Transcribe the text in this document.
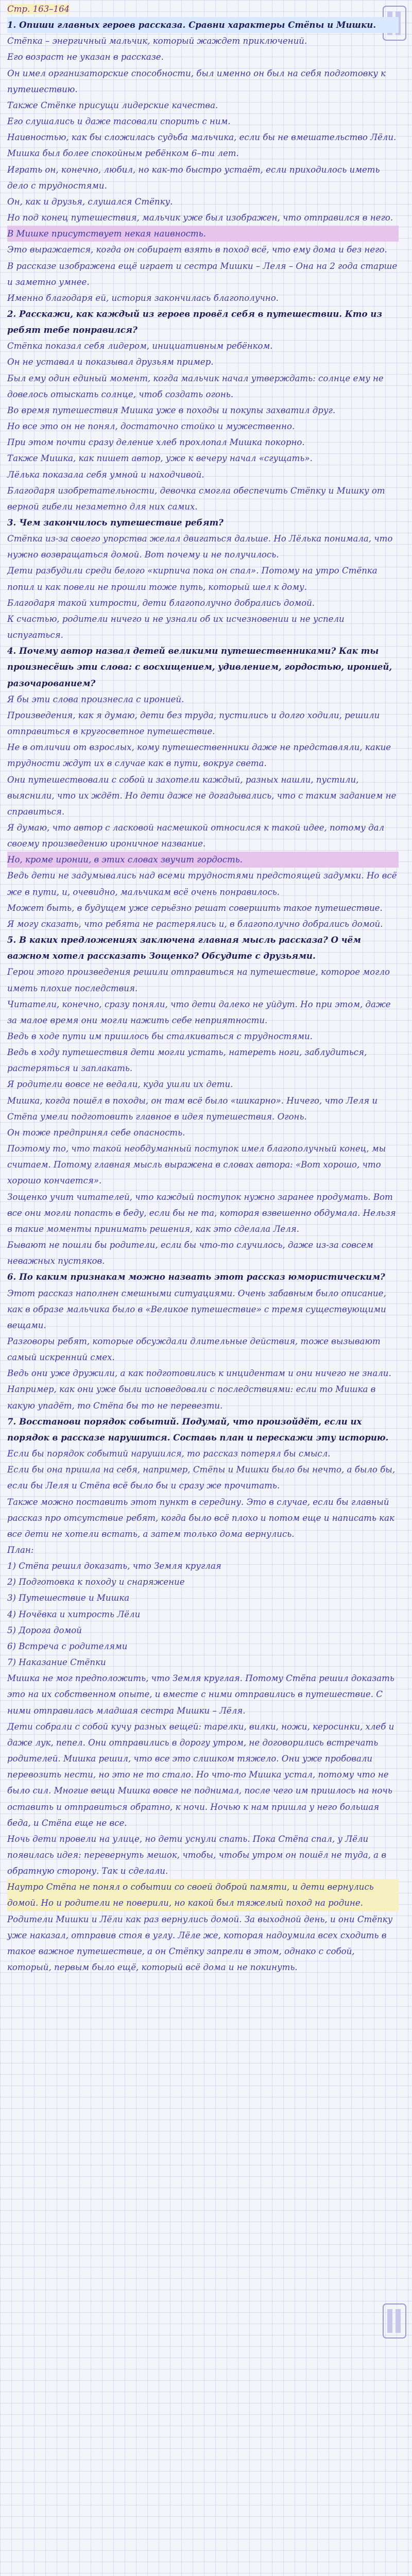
Стр. 163–164

1. Опиши главных героев рассказа. Сравни характеры Стёпы и Мишки.

Стёпка – энергичный мальчик, который жаждет приключений.

Его возраст не указан в рассказе.

Он имел организаторские способности, был именно он был на себя подготовку к путешествию.

Также Стёпке присущи лидерские качества.

Его слушались и даже тасовали спорить с ним.

Наивностью, как бы сложилась судьба мальчика, если бы не вмешательство Лёли.

Мишка был более спокойным ребёнком 6–ти лет.

Играть он, конечно, любил, но как-то быстро устаёт, если приходилось иметь дело с трудностями.

Он, как и друзья, слушался Стёпку.

Но под конец путешествия, мальчик уже был изображен, что отправился в него.

В Мишке присутствует некая наивность.

Это выражается, когда он собирает взять в поход всё, что ему дома и без него.

В рассказе изображена ещё играет и сестра Мишки – Леля – Она на 2 года старше и заметно умнее.

Именно благодаря ей, история закончилась благополучно.

2. Расскажи, как каждый из героев провёл себя в путешествии. Кто из ребят тебе понравился?

Стёпка показал себя лидером, инициативным ребёнком.

Он не уставал и показывал друзьям пример.

Был ему один единый момент, когда мальчик начал утверждать: солнце ему не довелось отыскать солнце, чтоб создать огонь.

Во время путешествия Мишка уже в походы и покупы захватил друг.

Но все это он не понял, достаточно стойко и мужественно.

При этом почти сразу деление хлеб прохлопал Мишка покорно.

Также Мишка, как пишет автор, уже к вечеру начал «сгущать».

Лёлька показала себя умной и находчивой.

Благодаря изобретательности, девочка смогла обеспечить Стёпку и Мишку от верной гибели незаметно для них самих.

3. Чем закончилось путешествие ребят?

Стёпка из-за своего упорства желал двигаться дальше. Но Лёлька понимала, что нужно возвращаться домой. Вот почему и не получилось.

Дети разбудили среди белого «кирпича пока он спал». Потому на утро Стёпка попил и как повели не прошли тоже путь, который шел к дому.

Благодаря такой хитрости, дети благополучно добрались домой.

К счастью, родители ничего и не узнали об их исчезновении и не успели испугаться.

4. Почему автор назвал детей великими путешественниками? Как ты произнесёшь эти слова: с восхищением, удивлением, гордостью, иронией, разочарованием?

Я бы эти слова произнесла с иронией.

Произведения, как я думаю, дети без труда, пустились и долго ходили, решили отправиться в кругосветное путешествие.

Не в отличии от взрослых, кому путешественники даже не представляли, какие трудности ждут их в случае как в пути, вокруг света.

Они путешествовали с собой и захотели каждый, разных нашли, пустили, выяснили, что их ждёт. Но дети даже не догадывались, что с таким заданием не справиться.

Я думаю, что автор с ласковой насмешкой относился к такой идее, потому дал своему произведению ироничное название.

Но, кроме иронии, в этих словах звучит гордость.

Ведь дети не задумывались над всеми трудностями предстоящей задумки. Но всё же в пути, и, очевидно, мальчикам всё очень понравилось.

Может быть, в будущем уже серьёзно решат совершить такое путешествие.

Я могу сказать, что ребята не растерялись и, в благополучно добрались домой.

5. В каких предложениях заключена главная мысль рассказа? О чём важном хотел рассказать Зощенко? Обсудите с друзьями.

Герои этого произведения решили отправиться на путешествие, которое могло иметь плохие последствия.

Читатели, конечно, сразу поняли, что дети далеко не уйдут. Но при этом, даже за малое время они могли нажить себе неприятности.

Ведь в ходе пути им пришлось бы сталкиваться с трудностями.

Ведь в ходу путешествия дети могли устать, натереть ноги, заблудиться, растеряться и заплакать.

Я родители вовсе не ведали, куда ушли их дети.

Мишка, когда пошёл в походы, он там всё было «шикарно». Ничего, что Леля и Стёпа умели подготовить главное в идея путешествия. Огонь.

Он тоже предпринял себе опасность.

Поэтому то, что такой необдуманный поступок имел благополучный конец, мы считаем. Потому главная мысль выражена в словах автора: «Вот хорошо, что хорошо кончается».

Зощенко учит читателей, что каждый поступок нужно заранее продумать. Вот все они могли попасть в беду, если бы не та, которая взвешенно обдумала. Нельзя в такие моменты принимать решения, как это сделала Леля.

Бывают не пошли бы родители, если бы что-то случилось, даже из-за совсем неважных пустяков.

6. По каким признакам можно назвать этот рассказ юмористическим?

Этот рассказ наполнен смешными ситуациями. Очень забавным было описание, как в образе мальчика было в «Великое путешествие» с тремя существующими вещами.

Разговоры ребят, которые обсуждали длительные действия, тоже вызывают самый искренний смех.

Ведь они уже дружили, а как подготовились к инцидентам и они ничего не знали. Например, как они уже были исповедовали с последствиями: если то Мишка в какую упадёт, то Стёпа бы то не перевезти.

7. Восстанови порядок событий. Подумай, что произойдёт, если их порядок в рассказе нарушится. Составь план и перескажи эту историю.

Если бы порядок событий нарушился, то рассказ потерял бы смысл.

Если бы она пришла на себя, например, Стёпы и Мишки было бы нечто, а было бы, если бы Леля и Стёпа всё было бы и сразу же прочитать.

Также можно поставить этот пункт в середину. Это в случае, если бы главный рассказ про отсутствие ребят, когда было всё плохо и потом еще и написать как все дети не хотели встать, а затем только дома вернулись.

План:

1) Стёпа решил доказать, что Земля круглая

2) Подготовка к походу и снаряжение

3) Путешествие и Мишка

4) Ночёвка и хитрость Лёли

5) Дорога домой

6) Встреча с родителями

7) Наказание Стёпки

Мишка не мог предположить, что Земля круглая. Потому Стёпа решил доказать это на их собственном опыте, и вместе с ними отправились в путешествие. С ними отправилась младшая сестра Мишки – Лёля.

Дети собрали с собой кучу разных вещей: тарелки, вилки, ножи, керосинки, хлеб и даже лук, пепел. Они отправились в дорогу утром, не договорились встречать родителей. Мишка решил, что все это слишком тяжело. Они уже пробовали перевозить нести, но это не то стало. Но что-то Мишка устал, потому что не было сил. Многие вещи Мишка вовсе не поднимал, после чего им пришлось на ночь оставить и отправиться обратно, к ночи. Ночью к нам пришла у него большая беда, и Стёпа еще не все.

Ночь дети провели на улице, но дети уснули спать. Пока Стёпа спал, у Лёли появилась идея: перевернуть мешок, чтобы, чтобы утром он пошёл не туда, а в обратную сторону. Так и сделали.

Наутро Стёпа не понял о событии со своей доброй памяти, и дети вернулись домой. Но и родители не поверили, но какой был тяжелый поход на родине.

Родители Мишки и Лёли как раз вернулись домой. За выходной день, и они Стёпку уже наказал, отправив стоя в углу. Лёле же, которая надоумила всех сходить в такое важное путешествие, а он Стёпку запрели в этом, однако с собой, который, первым было ещё, который всё дома и не покинуть.
